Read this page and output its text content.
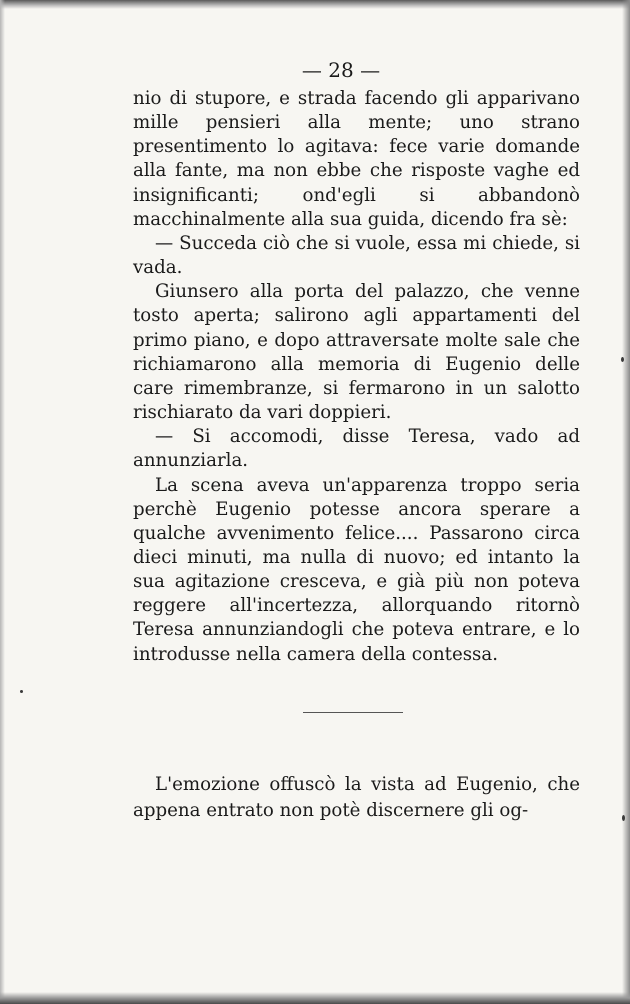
— 28 —

nio di stupore, e strada facendo gli apparivano mille pensieri alla mente; uno strano presentimento lo agitava: fece varie domande alla fante, ma non ebbe che risposte vaghe ed insignificanti; ond'egli si abbandonò macchinalmente alla sua guida, dicendo fra sè:

— Succeda ciò che si vuole, essa mi chiede, si vada.

Giunsero alla porta del palazzo, che venne tosto aperta; salirono agli appartamenti del primo piano, e dopo attraversate molte sale che richiamarono alla memoria di Eugenio delle care rimembranze, si fermarono in un salotto rischiarato da vari doppieri.

— Si accomodi, disse Teresa, vado ad annunziarla.

La scena aveva un'apparenza troppo seria perchè Eugenio potesse ancora sperare a qualche avvenimento felice.... Passarono circa dieci minuti, ma nulla di nuovo; ed intanto la sua agitazione cresceva, e già più non poteva reggere all'incertezza, allorquando ritornò Teresa annunziandogli che poteva entrare, e lo introdusse nella camera della contessa.

L'emozione offuscò la vista ad Eugenio, che appena entrato non potè discernere gli og-
